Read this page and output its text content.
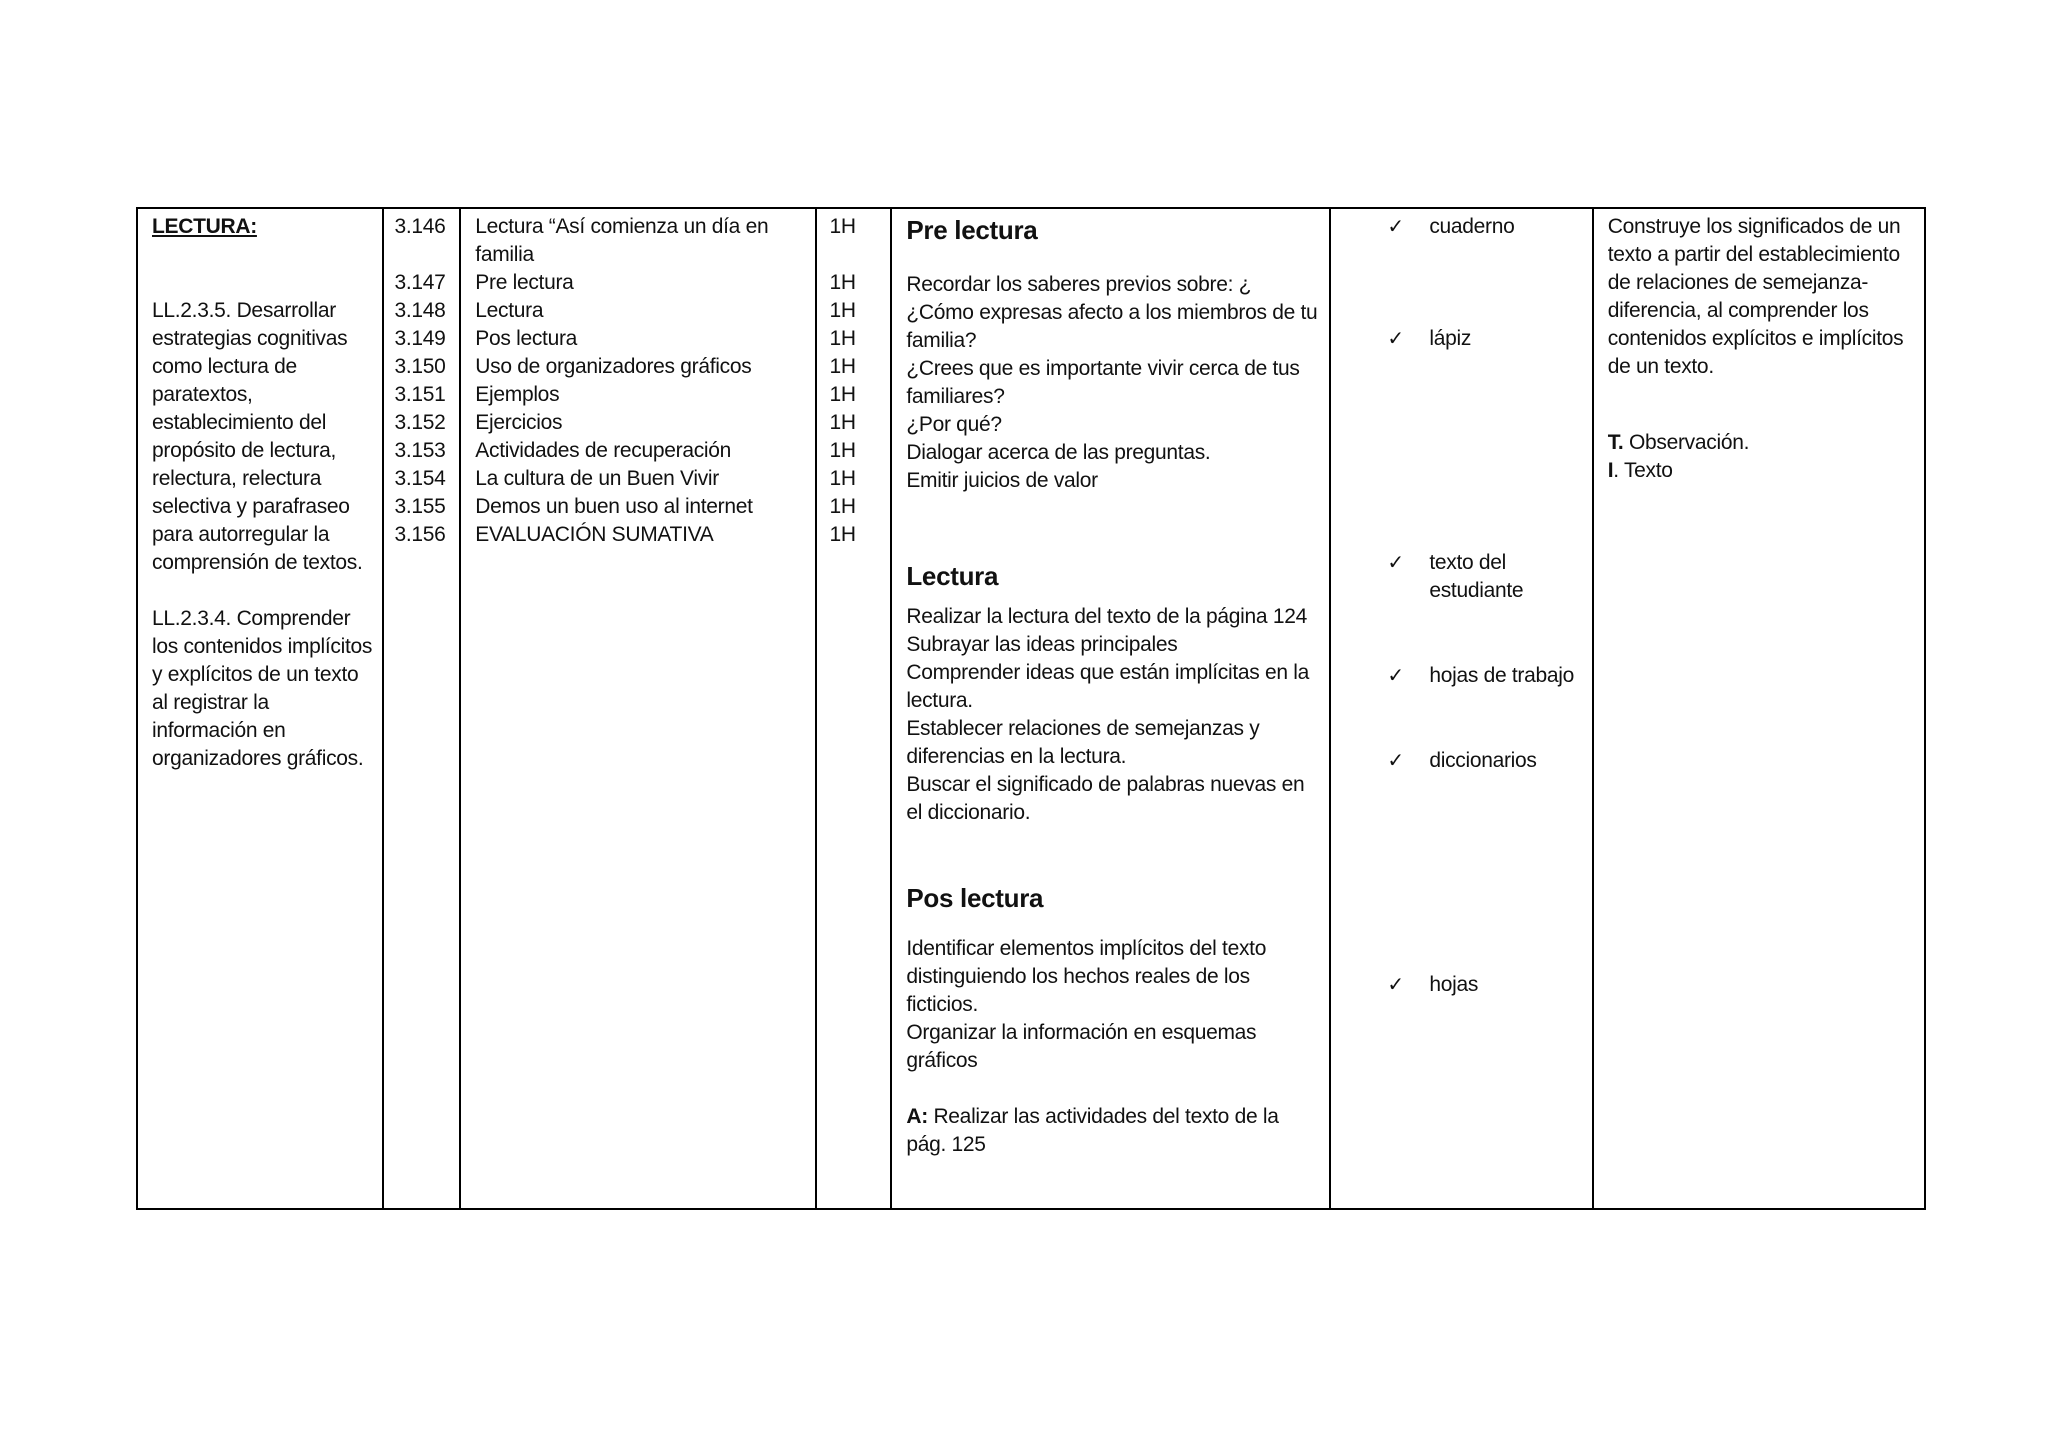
LECTURA:
LL.2.3.5. Desarrollar
estrategias cognitivas
como lectura de
paratextos,
establecimiento del
propósito de lectura,
relectura, relectura
selectiva y parafraseo
para autorregular la
comprensión de textos.
LL.2.3.4. Comprender
los contenidos implícitos
y explícitos de un texto
al registrar la
información en
organizadores gráficos.
3.146

3.147
3.148
3.149
3.150
3.151
3.152
3.153
3.154
3.155
3.156
Lectura “Así comienza un día en
familia
Pre lectura
Lectura
Pos lectura
Uso de organizadores gráficos
Ejemplos
Ejercicios
Actividades de recuperación
La cultura de un Buen Vivir
Demos un buen uso al internet
EVALUACIÓN SUMATIVA
1H

1H
1H
1H
1H
1H
1H
1H
1H
1H
1H
Pre lectura
Recordar los saberes previos sobre: ¿
¿Cómo expresas afecto a los miembros de tu
familia?
¿Crees que es importante vivir cerca de tus
familiares?
¿Por qué?
Dialogar acerca de las preguntas.
Emitir juicios de valor
Lectura
Realizar la lectura del texto de la página 124
Subrayar las ideas principales
Comprender ideas que están implícitas en la
lectura.
Establecer relaciones de semejanzas y
diferencias en la lectura.
Buscar el significado de palabras nuevas en
el diccionario.
Pos lectura
Identificar elementos implícitos del texto
distinguiendo los hechos reales de los
ficticios.
Organizar la información en esquemas
gráficos
A: Realizar las actividades del texto de la
pág. 125
✓ cuaderno
✓ lápiz
✓ texto del
estudiante
✓ hojas de trabajo
✓ diccionarios
✓ hojas
Construye los significados de un
texto a partir del establecimiento
de relaciones de semejanza-
diferencia, al comprender los
contenidos explícitos e implícitos
de un texto.
T. Observación.
I. Texto
